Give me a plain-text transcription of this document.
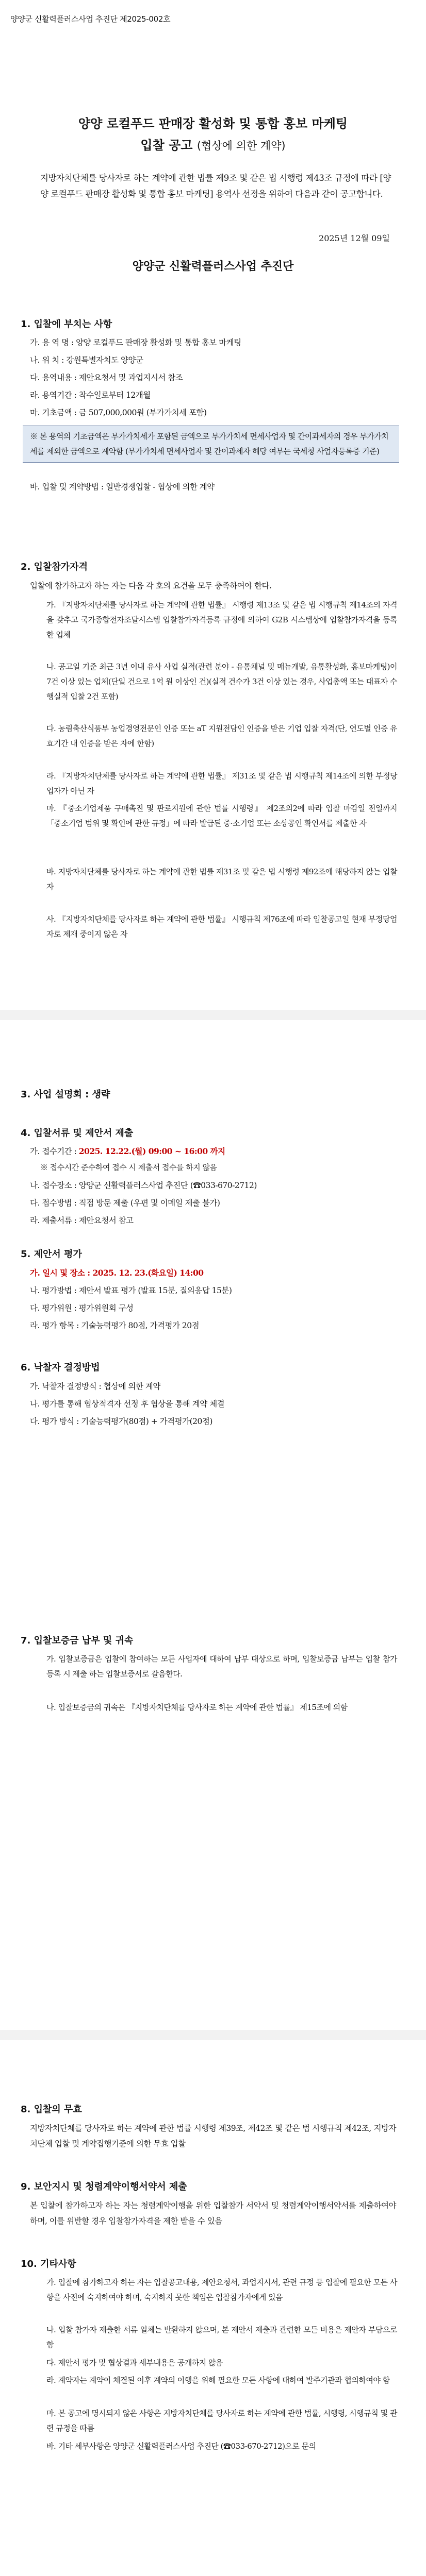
양양군 신활력플러스사업 추진단 제2025-002호
양양 로컬푸드 판매장 활성화 및 통합 홍보 마케팅
입찰 공고 (협상에 의한 계약)
지방자치단체를 당사자로 하는 계약에 관한 법률 제9조 및 같은 법 시행령 제43조 규정에 따라 [양양 로컬푸드 판매장 활성화 및 통합 홍보 마케팅] 용역사 선정을 위하여 다음과 같이 공고합니다.
2025년 12월 09일
양양군 신활력플러스사업 추진단
1. 입찰에 부치는 사항
가. 용 역 명 : 양양 로컬푸드 판매장 활성화 및 통합 홍보 마케팅
나. 위 치 : 강원특별자치도 양양군
다. 용역내용 : 제안요청서 및 과업지시서 참조
라. 용역기간 : 착수일로부터 12개월
마. 기초금액 : 금 507,000,000원 (부가가치세 포함)
※ 본 용역의 기초금액은 부가가치세가 포함된 금액으로 부가가치세 면세사업자 및 간이과세자의 경우 부가가치세를 제외한 금액으로 계약함 (부가가치세 면세사업자 및 간이과세자 해당 여부는 국세청 사업자등록증 기준)
바. 입찰 및 계약방법 : 일반경쟁입찰 - 협상에 의한 계약
2. 입찰참가자격
입찰에 참가하고자 하는 자는 다음 각 호의 요건을 모두 충족하여야 한다.
가. 『지방자치단체를 당사자로 하는 계약에 관한 법률』 시행령 제13조 및 같은 법 시행규칙 제14조의 자격을 갖추고 국가종합전자조달시스템 입찰참가자격등록 규정에 의하여 G2B 시스템상에 입찰참가자격을 등록한 업체
나. 공고일 기준 최근 3년 이내 유사 사업 실적(관련 분야 - 유통채널 및 매뉴개발, 유통활성화, 홍보마케팅)이 7건 이상 있는 업체(단일 건으로 1억 원 이상인 건)(실적 건수가 3건 이상 있는 경우, 사업총액 또는 대표자 수행실적 입찰 2건 포함)
다. 농림축산식품부 농업경영전문인 인증 또는 aT 지원전담인 인증을 받은 기업 입찰 자격(단, 연도별 인증 유효기간 내 인증을 받은 자에 한함)
라. 『지방자치단체를 당사자로 하는 계약에 관한 법률』 제31조 및 같은 법 시행규칙 제14조에 의한 부정당업자가 아닌 자
마. 『중소기업제품 구매촉진 및 판로지원에 관한 법률 시행령』 제2조의2에 따라 입찰 마감일 전일까지 「중소기업 범위 및 확인에 관한 규정」에 따라 발급된 중·소기업 또는 소상공인 확인서를 제출한 자
바. 지방자치단체를 당사자로 하는 계약에 관한 법률 제31조 및 같은 법 시행령 제92조에 해당하지 않는 입찰자
사. 『지방자치단체를 당사자로 하는 계약에 관한 법률』 시행규칙 제76조에 따라 입찰공고일 현재 부정당업자로 제재 중이지 않은 자
3. 사업 설명회 : 생략
4. 입찰서류 및 제안서 제출
가. 접수기간 : 2025. 12.22.(월) 09:00 ~ 16:00 까지
※ 접수시간 준수하여 접수 시 제출서 접수를 하지 않음
나. 접수장소 : 양양군 신활력플러스사업 추진단 (☎033-670-2712)
다. 접수방법 : 직접 방문 제출 (우편 및 이메일 제출 불가)
라. 제출서류 : 제안요청서 참고
5. 제안서 평가
가. 일시 및 장소 : 2025. 12. 23.(화요일) 14:00
나. 평가방법 : 제안서 발표 평가 (발표 15분, 질의응답 15분)
다. 평가위원 : 평가위원회 구성
라. 평가 항목 : 기술능력평가 80점, 가격평가 20점
6. 낙찰자 결정방법
가. 낙찰자 결정방식 : 협상에 의한 계약
나. 평가를 통해 협상적격자 선정 후 협상을 통해 계약 체결
다. 평가 방식 : 기술능력평가(80점) + 가격평가(20점)
7. 입찰보증금 납부 및 귀속
가. 입찰보증금은 입찰에 참여하는 모든 사업자에 대하여 납부 대상으로 하며, 입찰보증금 납부는 입찰 참가 등록 시 제출 하는 입찰보증서로 갈음한다.
나. 입찰보증금의 귀속은 『지방자치단체를 당사자로 하는 계약에 관한 법률』 제15조에 의함
8. 입찰의 무효
지방자치단체를 당사자로 하는 계약에 관한 법률 시행령 제39조, 제42조 및 같은 법 시행규칙 제42조, 지방자치단체 입찰 및 계약집행기준에 의한 무효 입찰
9. 보안지시 및 청렴계약이행서약서 제출
본 입찰에 참가하고자 하는 자는 청렴계약이행을 위한 입찰참가 서약서 및 청렴계약이행서약서를 제출하여야 하며, 이를 위반할 경우 입찰참가자격을 제한 받을 수 있음
10. 기타사항
가. 입찰에 참가하고자 하는 자는 입찰공고내용, 제안요청서, 과업지시서, 관련 규정 등 입찰에 필요한 모든 사항을 사전에 숙지하여야 하며, 숙지하지 못한 책임은 입찰참가자에게 있음
나. 입찰 참가자 제출한 서류 일체는 반환하지 않으며, 본 제안서 제출과 관련한 모든 비용은 제안자 부담으로 함
다. 제안서 평가 및 협상결과 세부내용은 공개하지 않음
라. 계약자는 계약이 체결된 이후 계약의 이행을 위해 필요한 모든 사항에 대하여 발주기관과 협의하여야 함
마. 본 공고에 명시되지 않은 사항은 지방자치단체를 당사자로 하는 계약에 관한 법률, 시행령, 시행규칙 및 관련 규정을 따름
바. 기타 세부사항은 양양군 신활력플러스사업 추진단 (☎033-670-2712)으로 문의
